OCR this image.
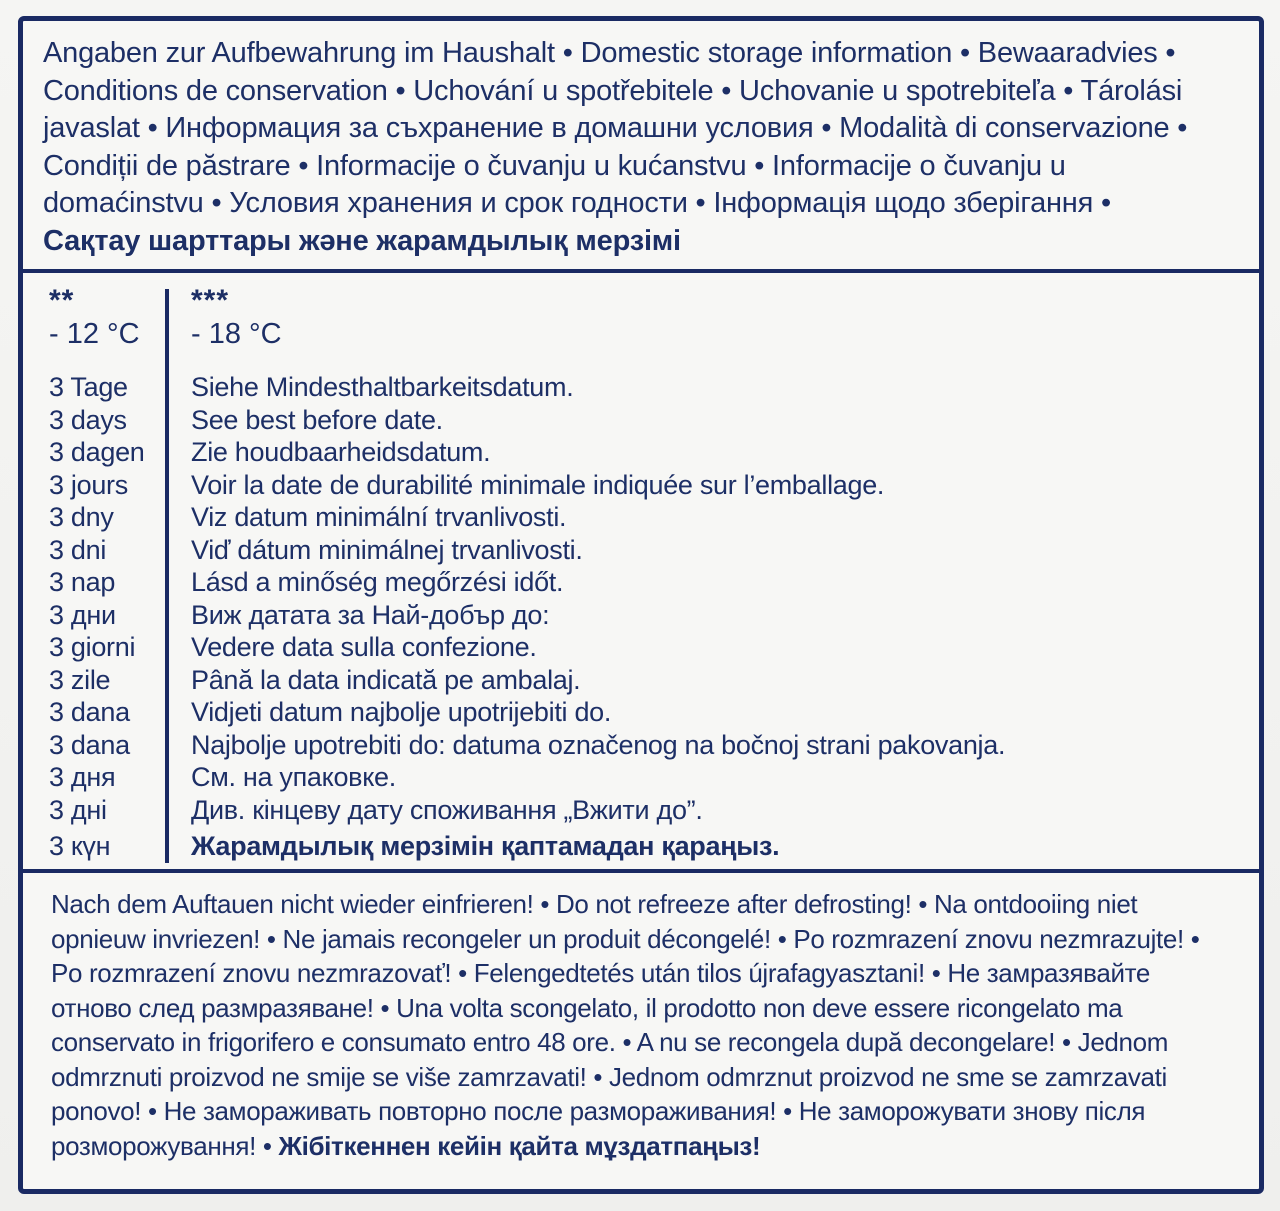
Angaben zur Aufbewahrung im Haushalt • Domestic storage information • Bewaaradvies •

Conditions de conservation • Uchování u spotřebitele • Uchovanie u spotrebiteľa • Tárolási

javaslat • Информация за съхранение в домашни условия • Modalità di conservazione •

Condiții de păstrare • Informacije o čuvanju u kućanstvu • Informacije o čuvanju u

domaćinstvu • Условия хранения и срок годности • Інформація щодо зберігання •

Сақтау шарттары және жарамдылық мерзімі

**
- 12 °C
3 Tage
3 days
3 dagen
3 jours
3 dny
3 dni
3 nap
3 дни
3 giorni
3 zile
3 dana
3 dana
3 дня
3 дні
3 күн
***
- 18 °C
Siehe Mindesthaltbarkeitsdatum.
See best before date.
Zie houdbaarheidsdatum.
Voir la date de durabilité minimale indiquée sur l’emballage.
Viz datum minimální trvanlivosti.
Viď dátum minimálnej trvanlivosti.
Lásd a minőség megőrzési időt.
Виж датата за Най-добър до:
Vedere data sulla confezione.
Până la data indicată pe ambalaj.
Vidjeti datum najbolje upotrijebiti do.
Najbolje upotrebiti do: datuma označenog na bočnoj strani pakovanja.
См. на упаковке.
Див. кінцеву дату споживання „Вжити до”.
Жарамдылық мерзімін қаптамадан қараңыз.

Nach dem Auftauen nicht wieder einfrieren! • Do not refreeze after defrosting! • Na ontdooiing niet

opnieuw invriezen! • Ne jamais recongeler un produit décongelé! • Po rozmrazení znovu nezmrazujte! •

Po rozmrazení znovu nezmrazovať! • Felengedtetés után tilos újrafagyasztani! • Не замразявайте

отново след размразяване! • Una volta scongelato, il prodotto non deve essere ricongelato ma

conservato in frigorifero e consumato entro 48 ore. • A nu se recongela după decongelare! • Jednom

odmrznuti proizvod ne smije se više zamrzavati! • Jednom odmrznut proizvod ne sme se zamrzavati

ponovo! • Не замораживать повторно после размораживания! • Не заморожувати знову після

розморожування! • Жібіткеннен кейін қайта мұздатпаңыз!
